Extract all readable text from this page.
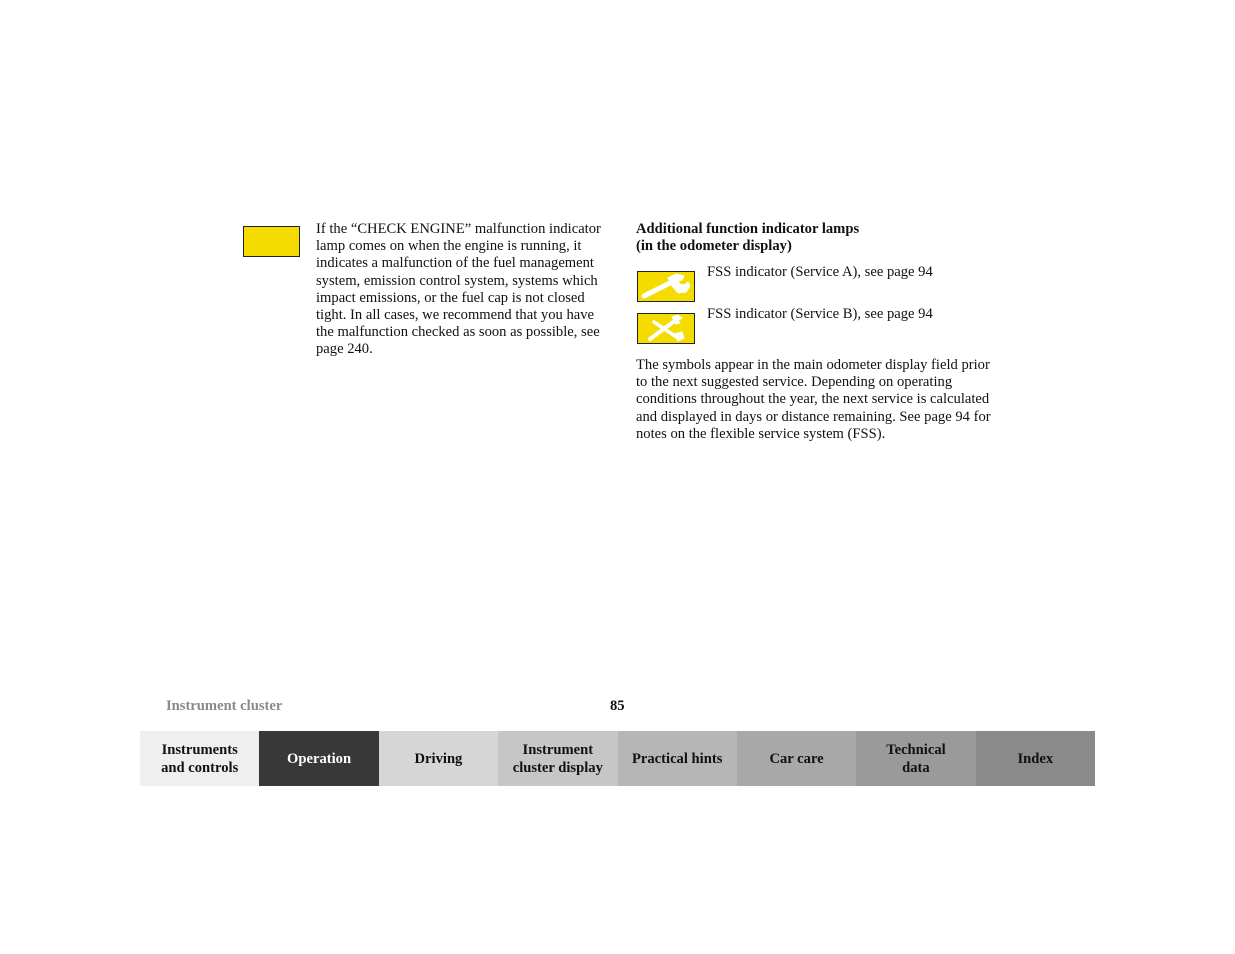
If the “CHECK ENGINE” malfunction indicator lamp comes on when the engine is running, it indicates a malfunction of the fuel management system, emission control system, systems which impact emissions, or the fuel cap is not closed tight. In all cases, we recommend that you have the malfunction checked as soon as possible, see page 240.
Additional function indicator lamps
(in the odometer display)
FSS indicator (Service A), see page 94
FSS indicator (Service B), see page 94
The symbols appear in the main odometer display field prior to the next suggested service. Depending on operating conditions throughout the year, the next service is calculated and displayed in days or distance remaining. See page 94 for notes on the flexible service system (FSS).
Instrument cluster	85
Instruments
and controls
Operation	Driving
Instrument
cluster display
Practical hints	Car care
Technical
data
Index
